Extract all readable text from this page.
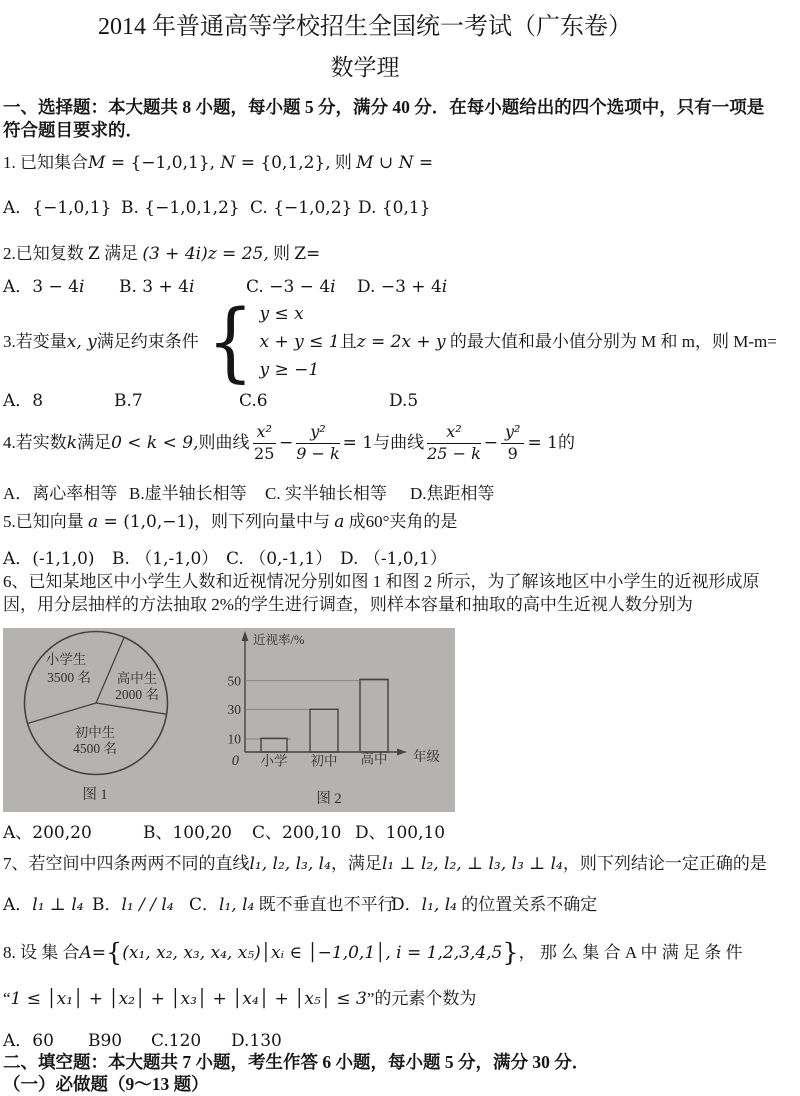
2014 年普通高等学校招生全国统一考试（广东卷）
数学理
一、选择题：本大题共 8 小题，每小题 5 分，满分 40 分．在每小题给出的四个选项中，只有一项是
符合题目要求的．
1. 已知集合M = {−1,0,1}, N = {0,1,2}, 则 M ∪ N =
A．{−1,0,1} B. {−1,0,1,2} C. {−1,0,2} D. {0,1}
2.已知复数 Z 满足 (3 + 4i)z = 25, 则 Z=
A．3 − 4i B. 3 + 4i	C. −3 − 4i D. −3 + 4i
3.若变量 x, y 满足约束条件 { y ≤ x
x + y ≤ 1且z = 2x + y 的最大值和最小值分别为 M 和 m，则 M-m=
y ≥ −1
A．8	B.7	C.6	D.5
4.若实数 k 满足 0 < k < 9, 则曲线 $\frac{\text{x²}}{25} - \frac{\text{y²}}{9 - k} = 1$ 与曲线 $\frac{\text{x²}}{25 - k} - \frac{\text{y²}}{9} = 1$ 的
A．离心率相等 B.虚半轴长相等 C. 实半轴长相等 D.焦距相等
5.已知向量 a = (1,0,−1)，则下列向量中与 a 成60°夹角的是
A．(-1,1,0) B. （1,-1,0） C. （0,-1,1） D. （-1,0,1）
6、已知某地区中小学生人数和近视情况分别如图 1 和图 2 所示，为了解该地区中小学生的近视形成原
因，用分层抽样的方法抽取 2%的学生进行调查，则样本容量和抽取的高中生近视人数分别为
小学生
3500 名 高中生
2000 名
初中生
4500 名
图 1
50
30
10
0
近视率/%
小学 初中 高中 年级
图 2
A、200,20	B、100,20 C、200,10 D、100,10
7、若空间中四条两两不同的直线l₁, l₂, l₃, l₄，满足l₁ ⊥ l₂, l₂, ⊥ l₃, l₃ ⊥ l₄，则下列结论一定正确的是
A．l₁ ⊥ l₄ B．l₁ / / l₄ C．l₁, l₄ 既不垂直也不平行
D．l₁, l₄ 的位置关系不确定
8. 设 集 合 A= { (x₁, x₂, x₃, x₄, x₅)│xᵢ ∈ │−1,0,1│, i = 1,2,3,4,5 } ， 那 么 集 合 A 中 满 足 条 件
“ 1 ≤ │x₁│ + │x₂│ + │x₃│ + │x₄│ + │x₅│ ≤ 3 ”的元素个数为
A．60 B90 C.120 D.130
二、填空题：本大题共 7 小题，考生作答 6 小题，每小题 5 分，满分 30 分．
（一）必做题（9～13 题）
